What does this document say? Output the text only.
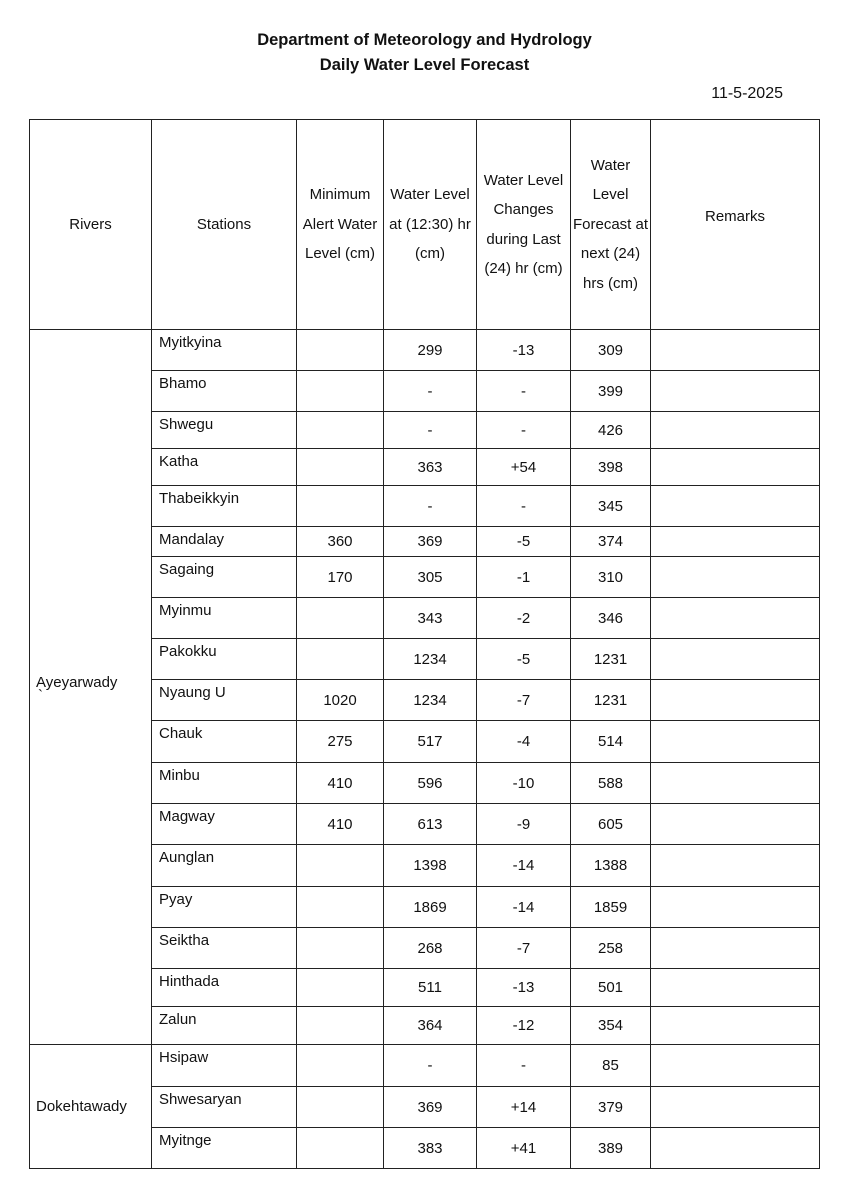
Department of Meteorology and Hydrology
Daily Water Level Forecast
11-5-2025
Rivers	Stations	Minimum Alert Water Level (cm)	Water Level at (12:30) hr (cm)	Water Level Changes during Last (24) hr (cm)	Water Level Forecast at next (24) hrs (cm)	Remarks
Ayeyarwady
`	Myitkyina		299	-13	309	
	Bhamo		-	-	399	
	Shwegu		-	-	426	
	Katha		363	+54	398	
	Thabeikkyin		-	-	345	
	Mandalay	360	369	-5	374	
	Sagaing	170	305	-1	310	
	Myinmu		343	-2	346	
	Pakokku		1234	-5	1231	
	Nyaung U	1020	1234	-7	1231	
	Chauk	275	517	-4	514	
	Minbu	410	596	-10	588	
	Magway	410	613	-9	605	
	Aunglan		1398	-14	1388	
	Pyay		1869	-14	1859	
	Seiktha		268	-7	258	
	Hinthada		511	-13	501	
	Zalun		364	-12	354	
Dokehtawady	Hsipaw		-	-	85	
	Shwesaryan		369	+14	379	
	Myitnge		383	+41	389	
